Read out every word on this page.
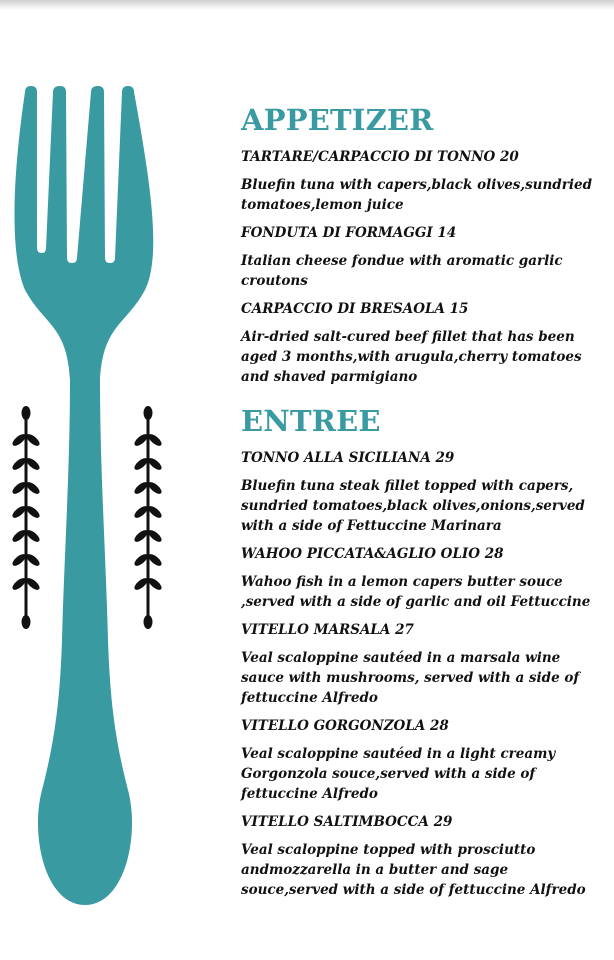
APPETIZER
TARTARE/CARPACCIO DI TONNO 20
Bluefin tuna with capers,black olives,sundried tomatoes,lemon juice
FONDUTA DI FORMAGGI 14
Italian cheese fondue with aromatic garlic croutons
CARPACCIO DI BRESAOLA 15
Air-dried salt-cured beef fillet that has been aged 3 months,with arugula,cherry tomatoes and shaved parmigiano
ENTREE
TONNO ALLA SICILIANA 29
Bluefin tuna steak fillet topped with capers, sundried tomatoes,black olives,onions,served with a side of Fettuccine Marinara
WAHOO PICCATA&AGLIO OLIO 28
Wahoo fish in a lemon capers butter souce ,served with a side of garlic and oil Fettuccine
VITELLO MARSALA 27
Veal scaloppine sautéed in a marsala wine sauce with mushrooms, served with a side of fettuccine Alfredo
VITELLO GORGONZOLA 28
Veal scaloppine sautéed in a light creamy Gorgonzola souce,served with a side of fettuccine Alfredo
VITELLO SALTIMBOCCA 29
Veal scaloppine topped with prosciutto andmozzarella in a butter and sage souce,served with a side of fettuccine Alfredo
